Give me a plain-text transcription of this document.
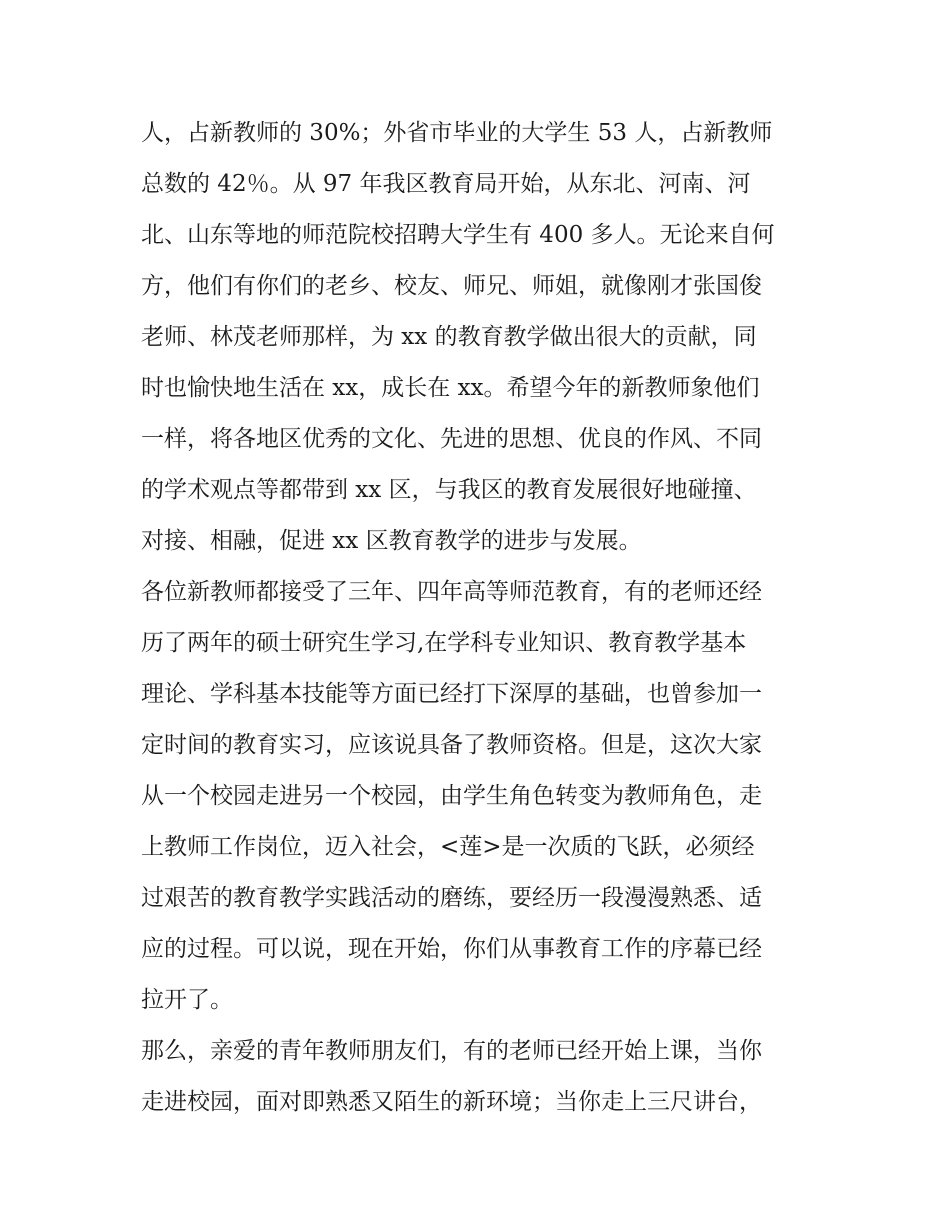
人，占新教师的 30%；外省市毕业的大学生 53 人，占新教师
总数的 42％。从 97 年我区教育局开始，从东北、河南、河
北、山东等地的师范院校招聘大学生有 400 多人。无论来自何
方，他们有你们的老乡、校友、师兄、师姐，就像刚才张国俊
老师、林茂老师那样，为 xx 的教育教学做出很大的贡献，同
时也愉快地生活在 xx，成长在 xx。希望今年的新教师象他们
一样，将各地区优秀的文化、先进的思想、优良的作风、不同
的学术观点等都带到 xx 区，与我区的教育发展很好地碰撞、
对接、相融，促进 xx 区教育教学的进步与发展。
各位新教师都接受了三年、四年高等师范教育，有的老师还经
历了两年的硕士研究生学习,在学科专业知识、教育教学基本
理论、学科基本技能等方面已经打下深厚的基础，也曾参加一
定时间的教育实习，应该说具备了教师资格。但是，这次大家
从一个校园走进另一个校园，由学生角色转变为教师角色，走
上教师工作岗位，迈入社会，<莲>是一次质的飞跃，必须经
过艰苦的教育教学实践活动的磨练，要经历一段漫漫熟悉、适
应的过程。可以说，现在开始，你们从事教育工作的序幕已经
拉开了。
那么，亲爱的青年教师朋友们，有的老师已经开始上课，当你
走进校园，面对即熟悉又陌生的新环境；当你走上三尺讲台，
